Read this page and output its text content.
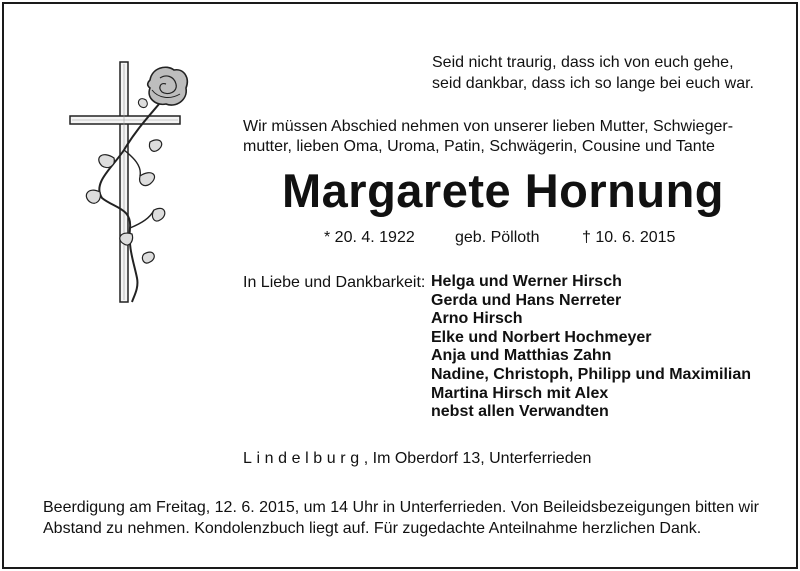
Seid nicht traurig, dass ich von euch gehe,
seid dankbar, dass ich so lange bei euch war.
Wir müssen Abschied nehmen von unserer lieben Mutter, Schwieger-
mutter, lieben Oma, Uroma, Patin, Schwägerin, Cousine und Tante
Margarete Hornung
* 20. 4. 1922	geb. Pölloth	† 10. 6. 2015
In Liebe und Dankbarkeit: Helga und Werner Hirsch
Gerda und Hans Nerreter
Arno Hirsch
Elke und Norbert Hochmeyer
Anja und Matthias Zahn
Nadine, Christoph, Philipp und Maximilian
Martina Hirsch mit Alex
nebst allen Verwandten
Lindelburg, Im Oberdorf 13, Unterferrieden
Beerdigung am Freitag, 12. 6. 2015, um 14 Uhr in Unterferrieden. Von Beileidsbezeigungen bitten wir
Abstand zu nehmen. Kondolenzbuch liegt auf. Für zugedachte Anteilnahme herzlichen Dank.
